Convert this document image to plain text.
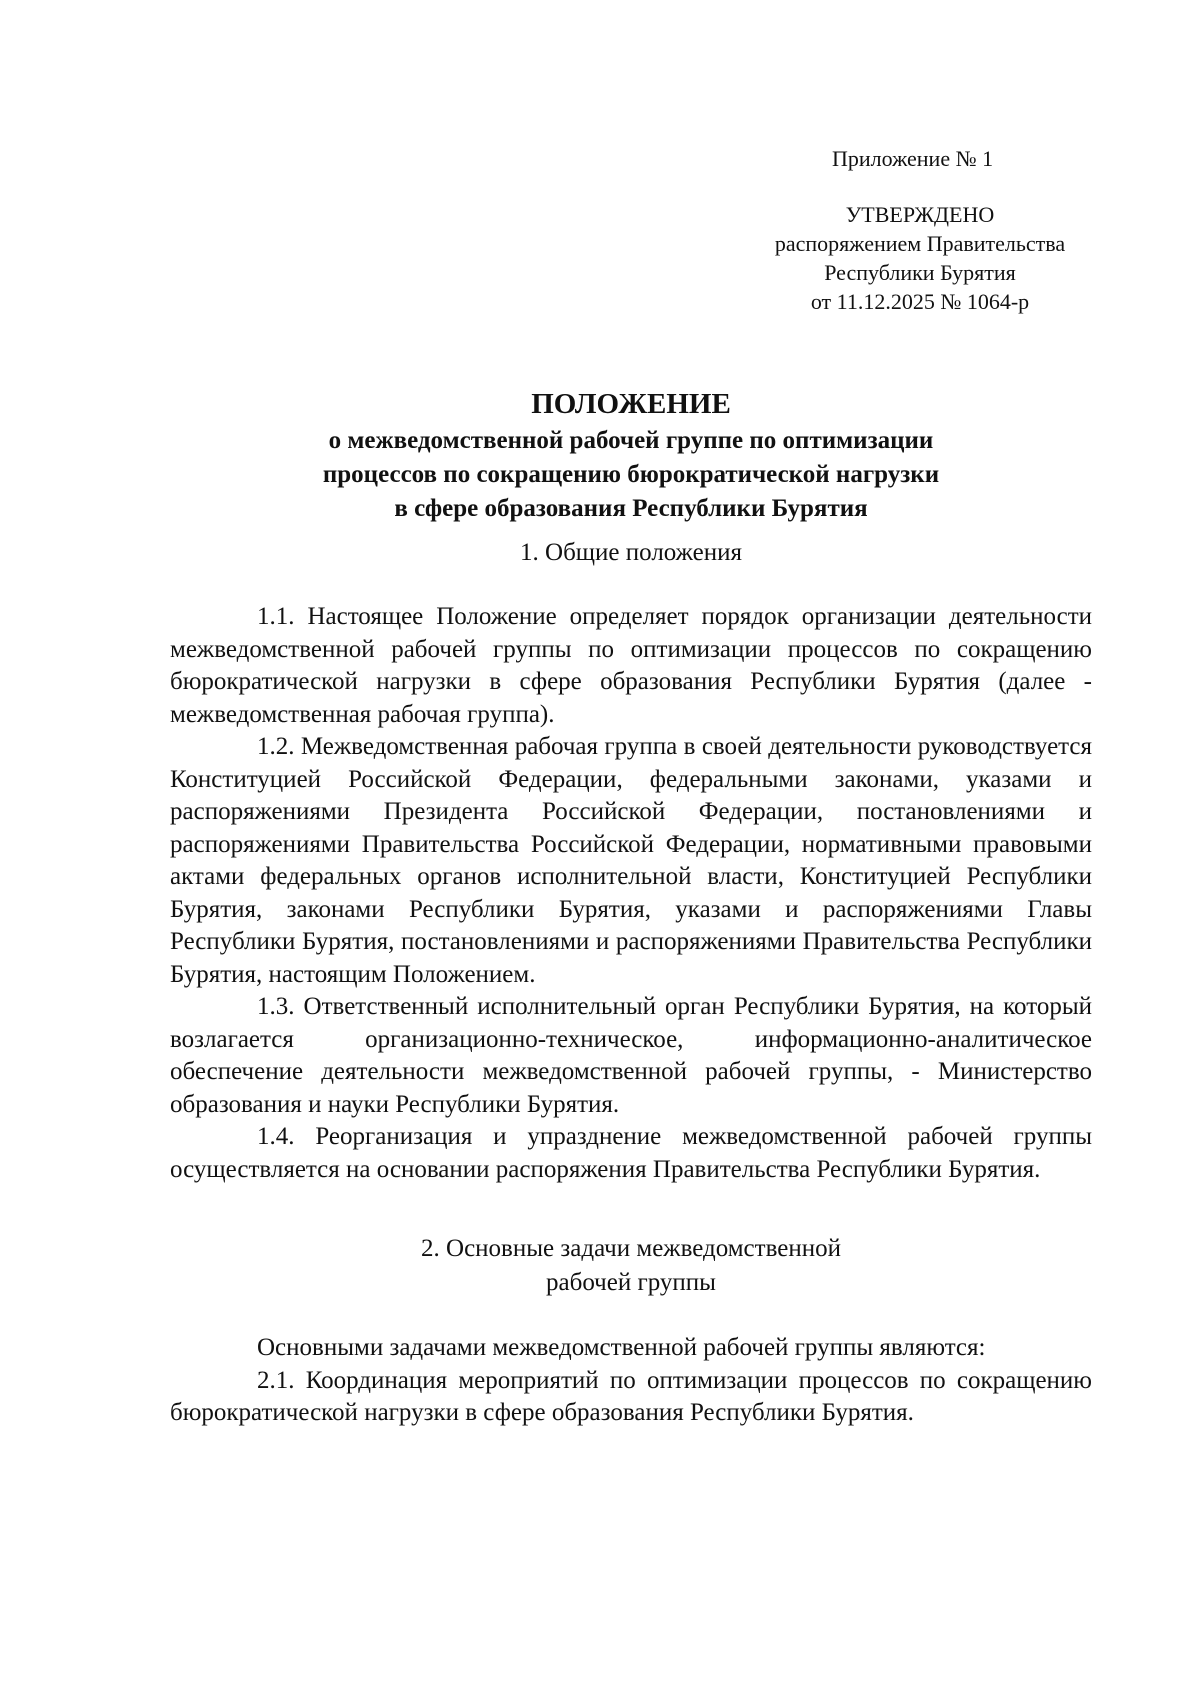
Приложение № 1
УТВЕРЖДЕНО
распоряжением Правительства
Республики Бурятия
от 11.12.2025 № 1064-р
ПОЛОЖЕНИЕ
о межведомственной рабочей группе по оптимизации
процессов по сокращению бюрократической нагрузки
в сфере образования Республики Бурятия
1. Общие положения

1.1. Настоящее Положение определяет порядок организации деятельности межведомственной рабочей группы по оптимизации процессов по сокращению бюрократической нагрузки в сфере образования Республики Бурятия (далее - межведомственная рабочая группа).

1.2. Межведомственная рабочая группа в своей деятельности руководствуется Конституцией Российской Федерации, федеральными законами, указами и распоряжениями Президента Российской Федерации, постановлениями и распоряжениями Правительства Российской Федерации, нормативными правовыми актами федеральных органов исполнительной власти, Конституцией Республики Бурятия, законами Республики Бурятия, указами и распоряжениями Главы Республики Бурятия, постановлениями и распоряжениями Правительства Республики Бурятия, настоящим Положением.

1.3. Ответственный исполнительный орган Республики Бурятия, на который возлагается организационно-техническое, информационно-аналитическое обеспечение деятельности межведомственной рабочей группы, - Министерство образования и науки Республики Бурятия.

1.4. Реорганизация и упразднение межведомственной рабочей группы осуществляется на основании распоряжения Правительства Республики Бурятия.

2. Основные задачи межведомственной
рабочей группы

Основными задачами межведомственной рабочей группы являются:

2.1. Координация мероприятий по оптимизации процессов по сокращению бюрократической нагрузки в сфере образования Республики Бурятия.
